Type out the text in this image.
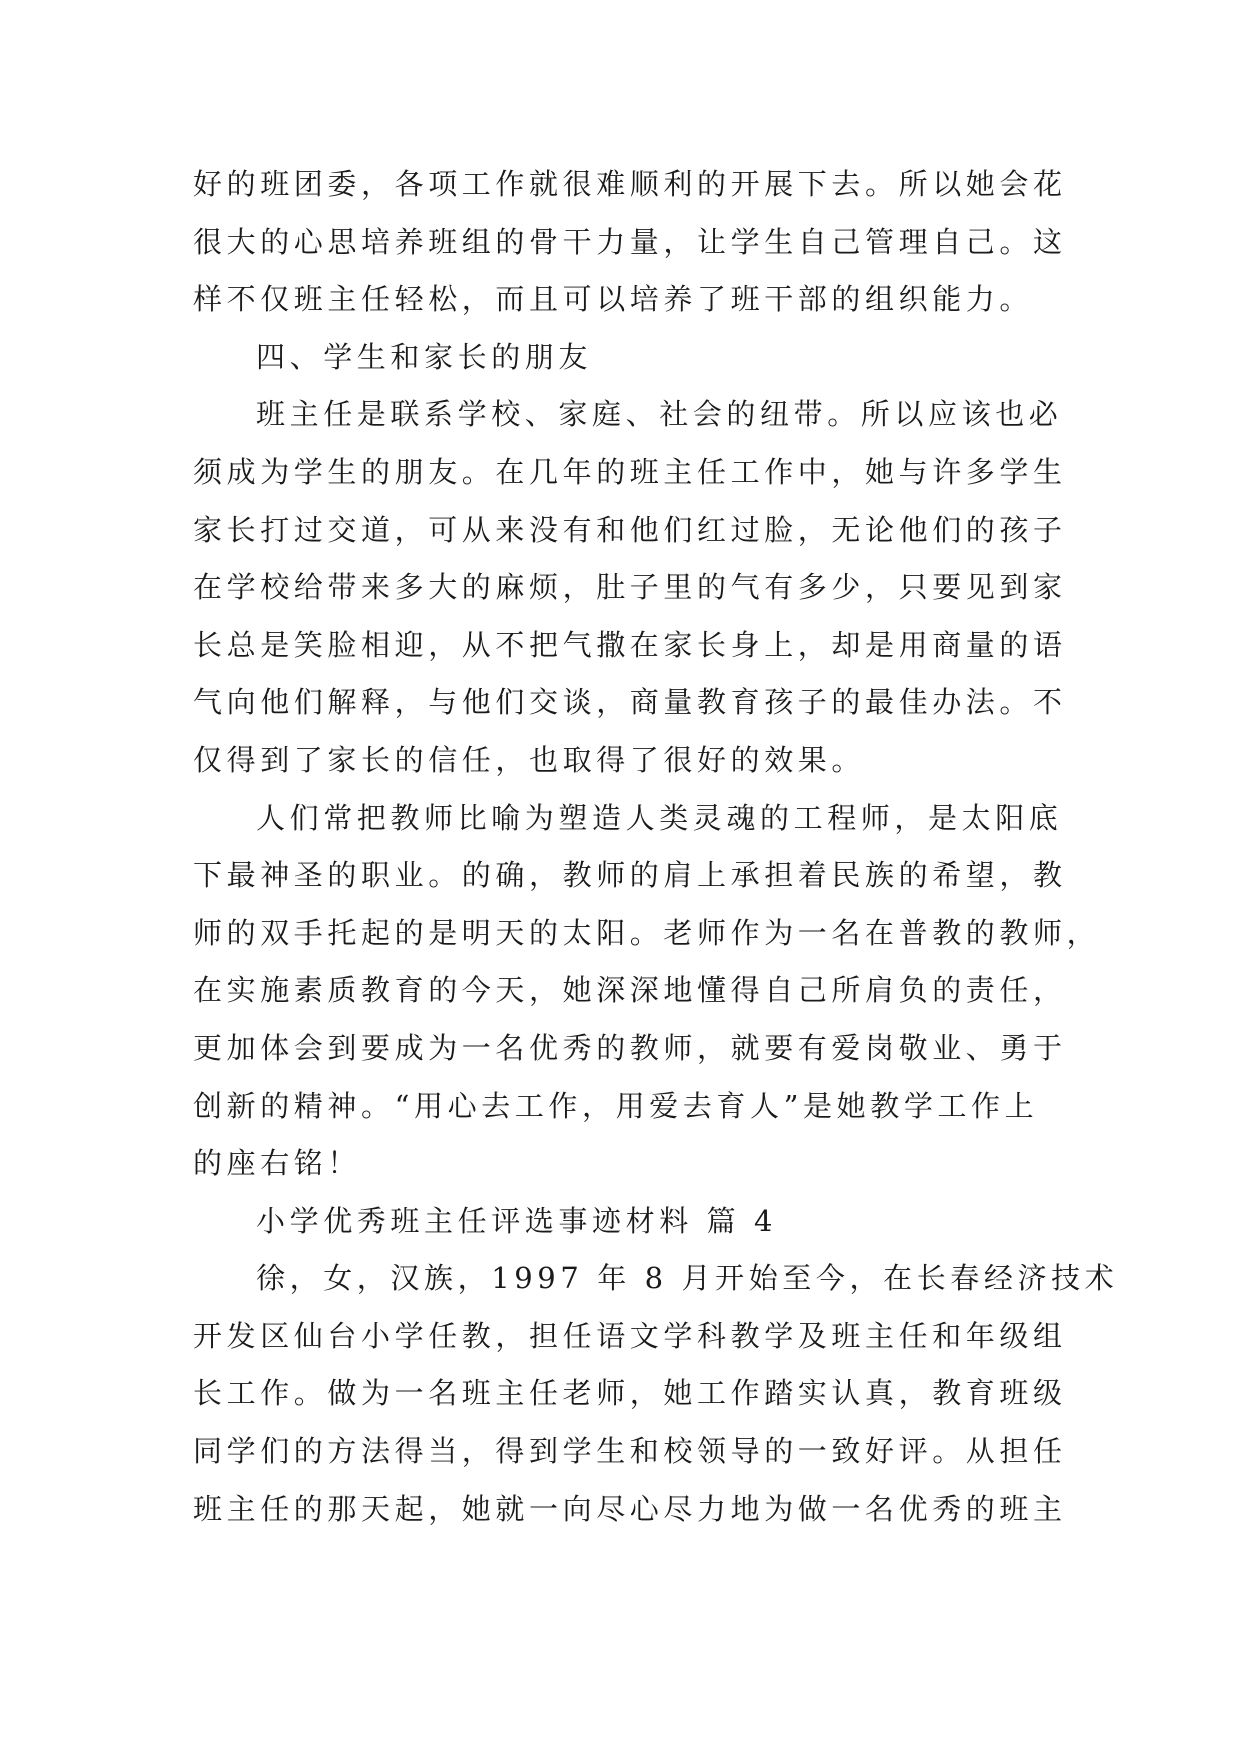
好的班团委，各项工作就很难顺利的开展下去。所以她会花
很大的心思培养班组的骨干力量，让学生自己管理自己。这
样不仅班主任轻松，而且可以培养了班干部的组织能力。
四、学生和家长的朋友
班主任是联系学校、家庭、社会的纽带。所以应该也必
须成为学生的朋友。在几年的班主任工作中，她与许多学生
家长打过交道，可从来没有和他们红过脸，无论他们的孩子
在学校给带来多大的麻烦，肚子里的气有多少，只要见到家
长总是笑脸相迎，从不把气撒在家长身上，却是用商量的语
气向他们解释，与他们交谈，商量教育孩子的最佳办法。不
仅得到了家长的信任，也取得了很好的效果。
人们常把教师比喻为塑造人类灵魂的工程师，是太阳底
下最神圣的职业。的确，教师的肩上承担着民族的希望，教
师的双手托起的是明天的太阳。老师作为一名在普教的教师，
在实施素质教育的今天，她深深地懂得自己所肩负的责任，
更加体会到要成为一名优秀的教师，就要有爱岗敬业、勇于
创新的精神。“用心去工作，用爱去育人”是她教学工作上
的座右铭！
小学优秀班主任评选事迹材料 篇 4
徐，女，汉族，1997 年 8 月开始至今，在长春经济技术
开发区仙台小学任教，担任语文学科教学及班主任和年级组
长工作。做为一名班主任老师，她工作踏实认真，教育班级
同学们的方法得当，得到学生和校领导的一致好评。从担任
班主任的那天起，她就一向尽心尽力地为做一名优秀的班主
